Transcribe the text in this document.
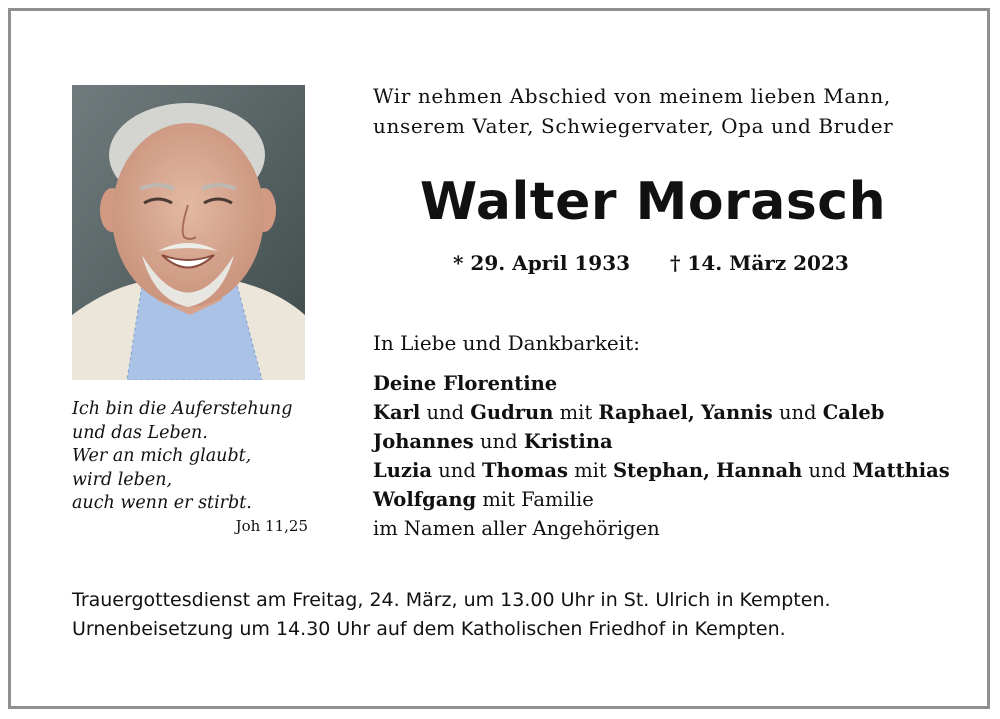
Ich bin die Auferstehung
und das Leben.
Wer an mich glaubt,
wird leben,
auch wenn er stirbt.
Joh 11,25
Wir nehmen Abschied von meinem lieben Mann,
unserem Vater, Schwiegervater, Opa und Bruder
Walter Morasch
* 29. April 1933 † 14. März 2023
In Liebe und Dankbarkeit:
Deine Florentine
Karl und Gudrun mit Raphael, Yannis und Caleb
Johannes und Kristina
Luzia und Thomas mit Stephan, Hannah und Matthias
Wolfgang mit Familie
im Namen aller Angehörigen
Trauergottesdienst am Freitag, 24. März, um 13.00 Uhr in St. Ulrich in Kempten.
Urnenbeisetzung um 14.30 Uhr auf dem Katholischen Friedhof in Kempten.
